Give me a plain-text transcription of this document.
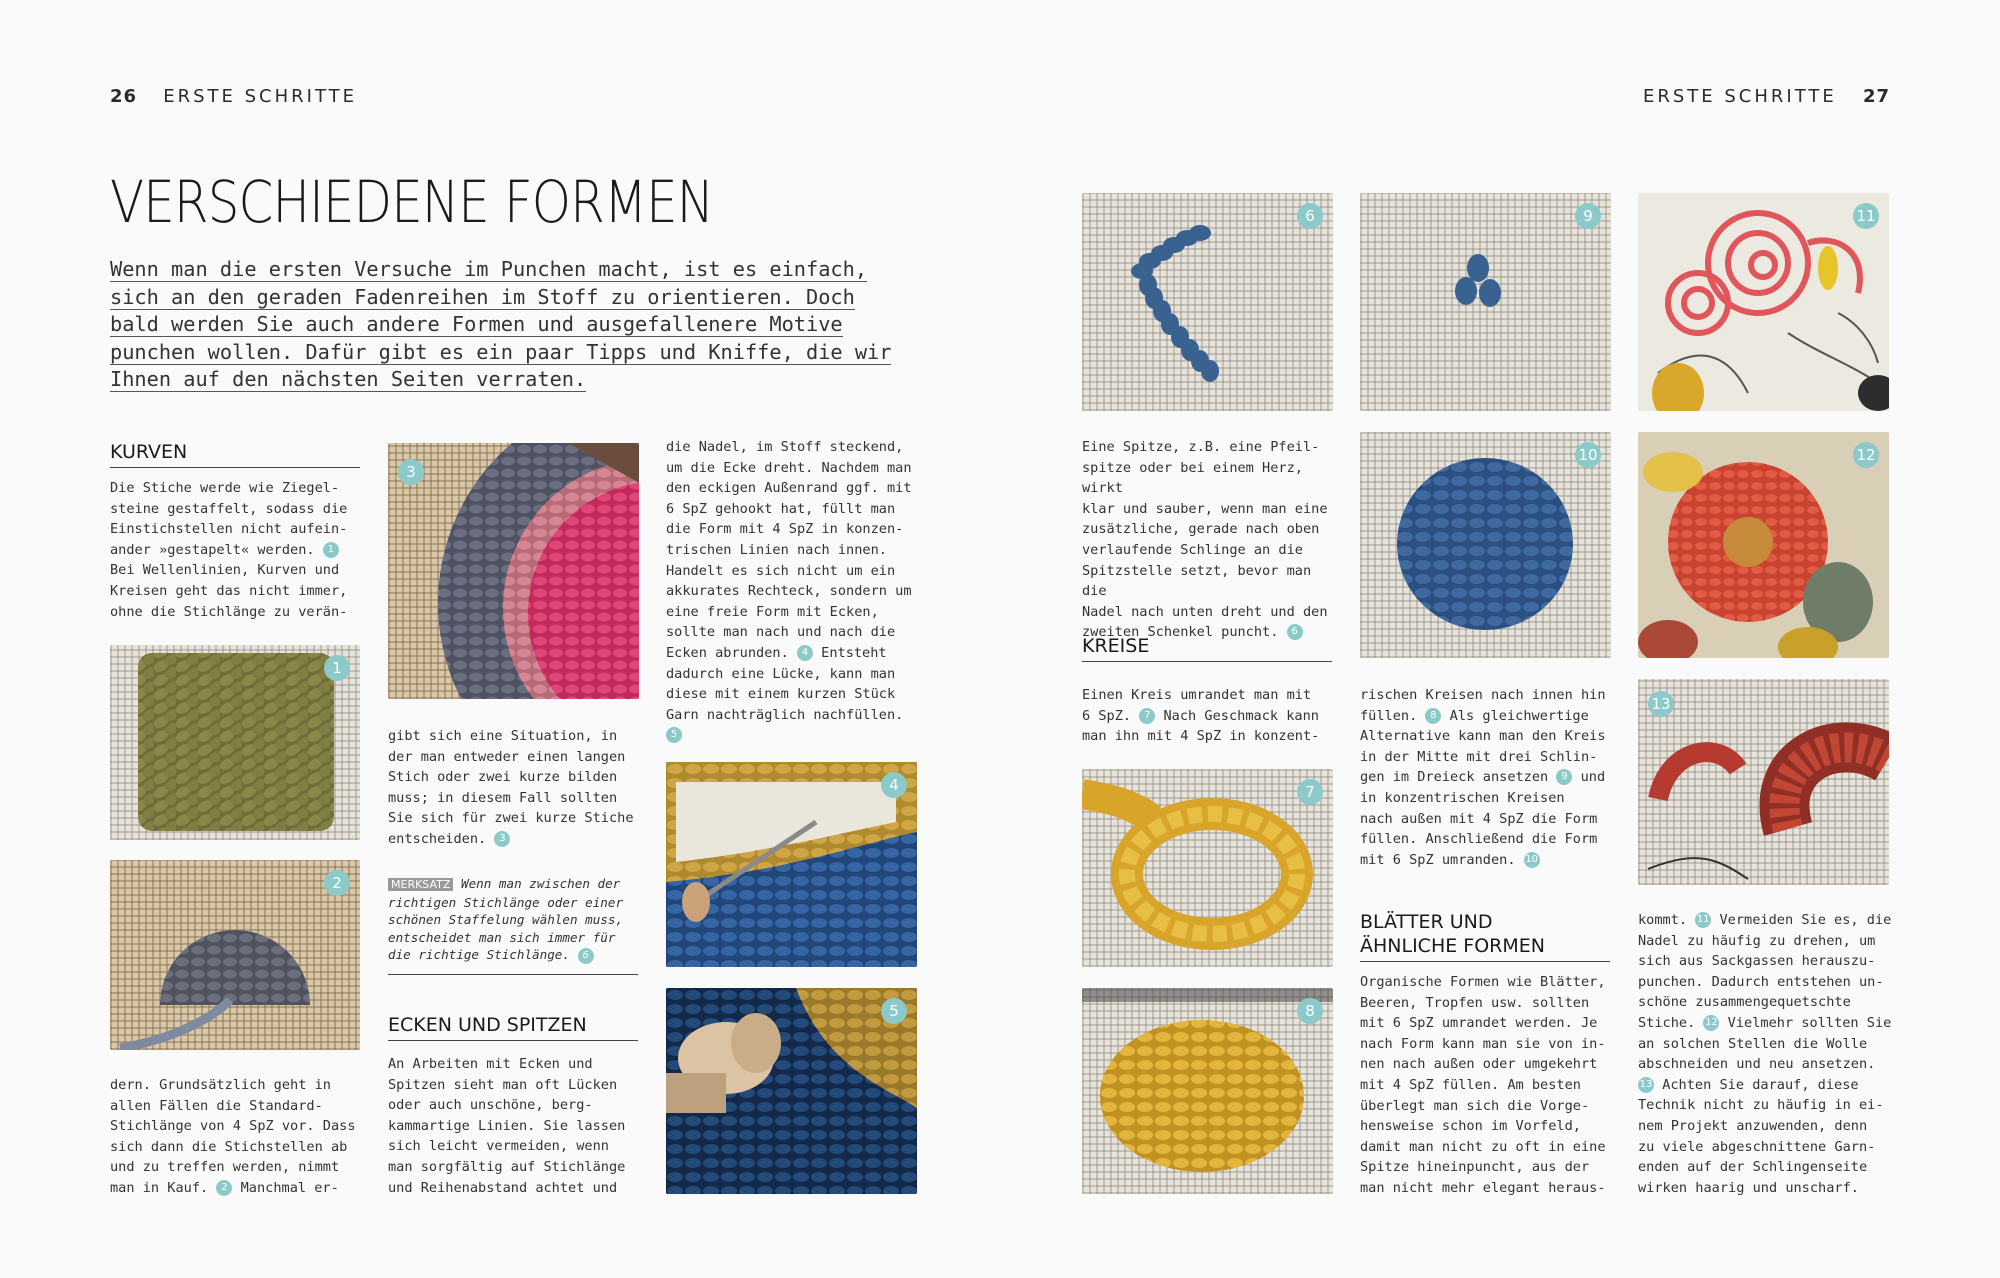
26 ERSTE SCHRITTE	ERSTE SCHRITTE 27
VERSCHIEDENE FORMEN
Wenn man die ersten Versuche im Punchen macht, ist es einfach, sich an den geraden Fadenreihen im Stoff zu orientieren. Doch bald werden Sie auch andere Formen und ausgefallenere Motive punchen wollen. Dafür gibt es ein paar Tipps und Kniffe, die wir Ihnen auf den nächsten Seiten verraten.
KURVEN
Die Stiche werde wie Ziegel-
steine gestaffelt, sodass die
Einstichstellen nicht aufein-
ander »gestapelt« werden. 1
Bei Wellenlinien, Kurven und
Kreisen geht das nicht immer,
ohne die Stichlänge zu verän-
1
2
dern. Grundsätzlich geht in
allen Fällen die Standard-
Stichlänge von 4 SpZ vor. Dass
sich dann die Stichstellen ab
und zu treffen werden, nimmt
man in Kauf. 2 Manchmal er-
3
gibt sich eine Situation, in
der man entweder einen langen
Stich oder zwei kurze bilden
muss; in diesem Fall sollten
Sie sich für zwei kurze Stiche
entscheiden. 3
MERKSATZ Wenn man zwischen der richtigen Stichlänge oder einer schönen Staffelung wählen muss, entscheidet man sich immer für die richtige Stichlänge. 6
ECKEN UND SPITZEN
An Arbeiten mit Ecken und
Spitzen sieht man oft Lücken
oder auch unschöne, berg-
kammartige Linien. Sie lassen
sich leicht vermeiden, wenn
man sorgfältig auf Stichlänge
und Reihenabstand achtet und
die Nadel, im Stoff steckend,
um die Ecke dreht. Nachdem man
den eckigen Außenrand ggf. mit
6 SpZ gehookt hat, füllt man
die Form mit 4 SpZ in konzen-
trischen Linien nach innen.
Handelt es sich nicht um ein
akkurates Rechteck, sondern um
eine freie Form mit Ecken,
sollte man nach und nach die
Ecken abrunden. 4 Entsteht
dadurch eine Lücke, kann man
diese mit einem kurzen Stück
Garn nachträglich nachfüllen.
5
4
5
6
Eine Spitze, z.B. eine Pfeil-
spitze oder bei einem Herz, wirkt
klar und sauber, wenn man eine
zusätzliche, gerade nach oben
verlaufende Schlinge an die
Spitzstelle setzt, bevor man die
Nadel nach unten dreht und den
zweiten Schenkel puncht. 6
KREISE
Einen Kreis umrandet man mit
6 SpZ. 7 Nach Geschmack kann
man ihn mit 4 SpZ in konzent-
7
8
9
10
rischen Kreisen nach innen hin
füllen. 8 Als gleichwertige
Alternative kann man den Kreis
in der Mitte mit drei Schlin-
gen im Dreieck ansetzen 9 und
in konzentrischen Kreisen
nach außen mit 4 SpZ die Form
füllen. Anschließend die Form
mit 6 SpZ umranden. 10
BLÄTTER UND
ÄHNLICHE FORMEN
Organische Formen wie Blätter,
Beeren, Tropfen usw. sollten
mit 6 SpZ umrandet werden. Je
nach Form kann man sie von in-
nen nach außen oder umgekehrt
mit 4 SpZ füllen. Am besten
überlegt man sich die Vorge-
hensweise schon im Vorfeld,
damit man nicht zu oft in eine
Spitze hineinpuncht, aus der
man nicht mehr elegant heraus-
11
12
13
kommt. 11 Vermeiden Sie es, die
Nadel zu häufig zu drehen, um
sich aus Sackgassen herauszu-
punchen. Dadurch entstehen un-
schöne zusammengequetschte
Stiche. 12 Vielmehr sollten Sie
an solchen Stellen die Wolle
abschneiden und neu ansetzen.
13 Achten Sie darauf, diese
Technik nicht zu häufig in ei-
nem Projekt anzuwenden, denn
zu viele abgeschnittene Garn-
enden auf der Schlingenseite
wirken haarig und unscharf.
